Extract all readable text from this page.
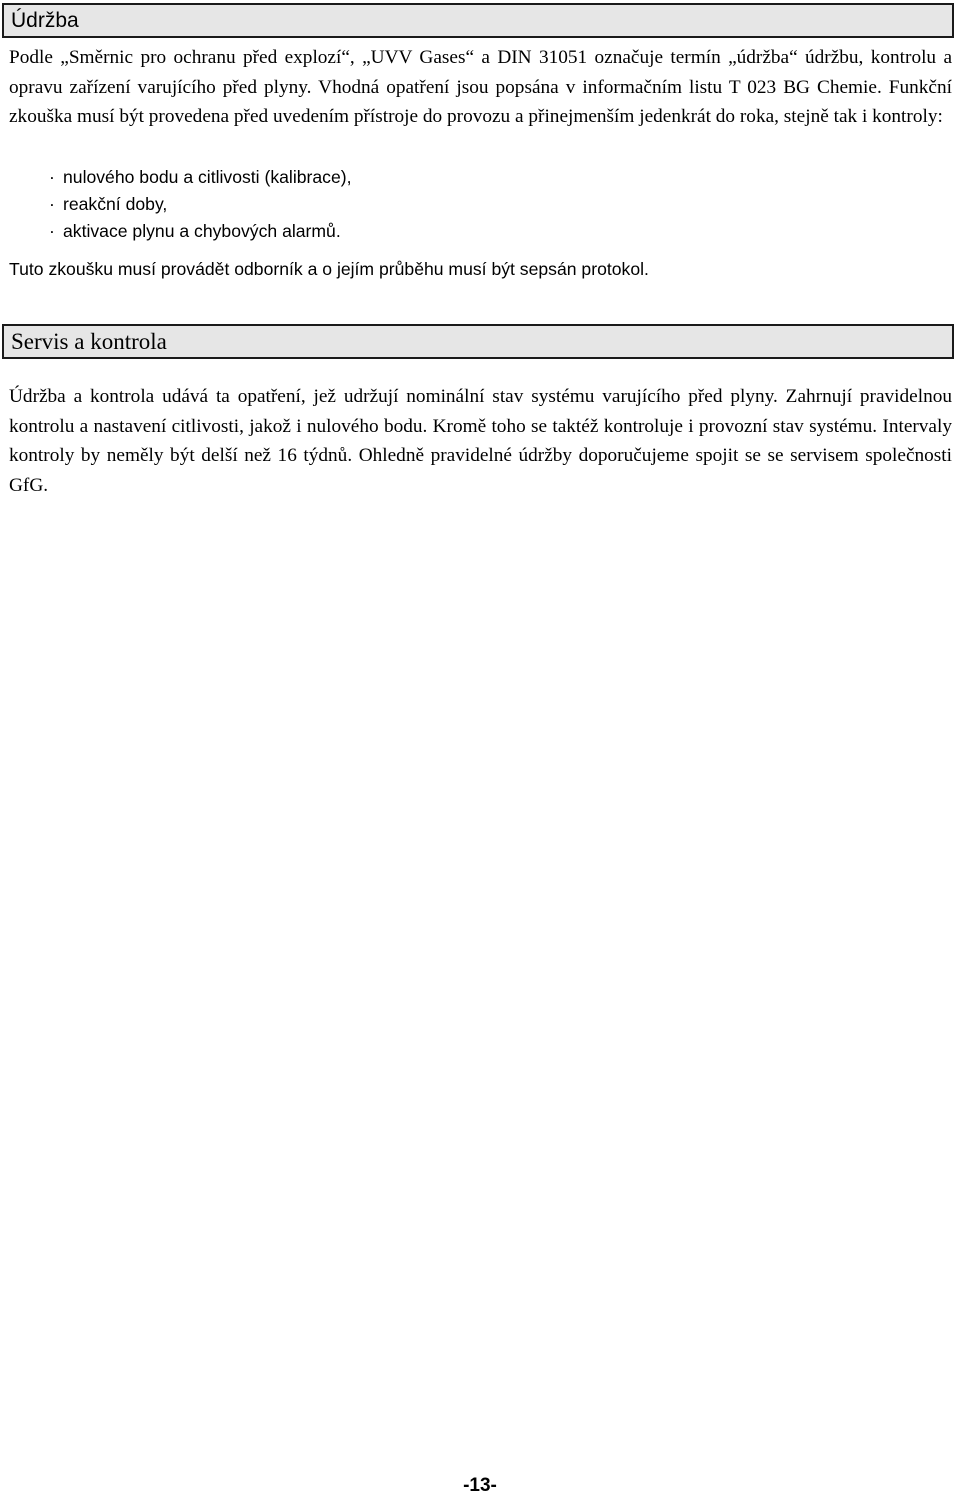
Údržba

Podle „Směrnic pro ochranu před explozí“, „UVV Gases“ a DIN 31051 označuje termín „údržba“ údržbu, kontrolu a opravu zařízení varujícího před plyny. Vhodná opatření jsou popsána v informačním listu T 023 BG Chemie. Funkční zkouška musí být provedena před uvedením přístroje do provozu a přinejmenším jedenkrát do roka, stejně tak i kontroly:

· nulového bodu a citlivosti (kalibrace),
· reakční doby,
· aktivace plynu a chybových alarmů.

Tuto zkoušku musí provádět odborník a o jejím průběhu musí být sepsán protokol.

Servis a kontrola

Údržba a kontrola udává ta opatření, jež udržují nominální stav systému varujícího před plyny. Zahrnují pravidelnou kontrolu a nastavení citlivosti, jakož i nulového bodu. Kromě toho se taktéž kontroluje i provozní stav systému. Intervaly kontroly by neměly být delší než 16 týdnů. Ohledně pravidelné údržby doporučujeme spojit se se servisem společnosti GfG.

-13-
